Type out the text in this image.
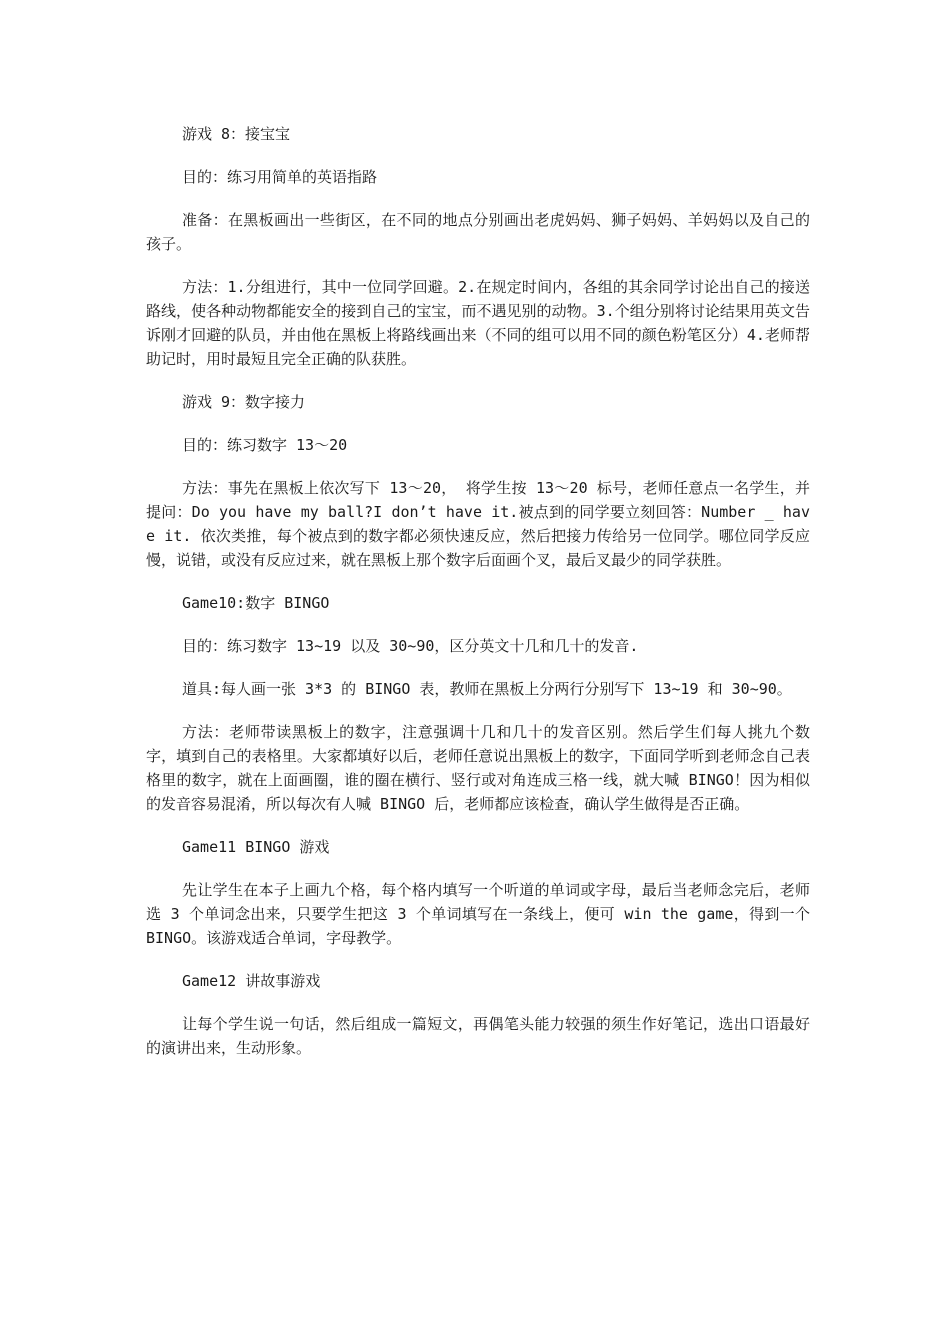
游戏 8：接宝宝

目的：练习用简单的英语指路

准备：在黑板画出一些街区，在不同的地点分别画出老虎妈妈、狮子妈妈、羊妈妈以及自己的孩子。

方法：1.分组进行，其中一位同学回避。2.在规定时间内，各组的其余同学讨论出自己的接送路线，使各种动物都能安全的接到自己的宝宝，而不遇见别的动物。3.个组分别将讨论结果用英文告诉刚才回避的队员，并由他在黑板上将路线画出来（不同的组可以用不同的颜色粉笔区分）4.老师帮助记时，用时最短且完全正确的队获胜。

游戏 9：数字接力

目的：练习数字 13～20

方法：事先在黑板上依次写下 13～20， 将学生按 13～20 标号，老师任意点一名学生，并提问：Do you have my ball?I don’t have it.被点到的同学要立刻回答：Number _ have it. 依次类推，每个被点到的数字都必须快速反应，然后把接力传给另一位同学。哪位同学反应慢，说错，或没有反应过来，就在黑板上那个数字后面画个叉，最后叉最少的同学获胜。

Game10:数字 BINGO

目的：练习数字 13~19 以及 30~90，区分英文十几和几十的发音.

道具:每人画一张 3*3 的 BINGO 表，教师在黑板上分两行分别写下 13~19 和 30~90。

方法：老师带读黑板上的数字，注意强调十几和几十的发音区别。然后学生们每人挑九个数字，填到自己的表格里。大家都填好以后，老师任意说出黑板上的数字，下面同学听到老师念自己表格里的数字，就在上面画圈，谁的圈在横行、竖行或对角连成三格一线，就大喊 BINGO！因为相似的发音容易混淆，所以每次有人喊 BINGO 后，老师都应该检查，确认学生做得是否正确。

Game11 BINGO 游戏

先让学生在本子上画九个格，每个格内填写一个听道的单词或字母，最后当老师念完后，老师选 3 个单词念出来，只要学生把这 3 个单词填写在一条线上，便可 win the game，得到一个 BINGO。该游戏适合单词，字母教学。

Game12 讲故事游戏

让每个学生说一句话，然后组成一篇短文，再偶笔头能力较强的须生作好笔记，选出口语最好的演讲出来，生动形象。
